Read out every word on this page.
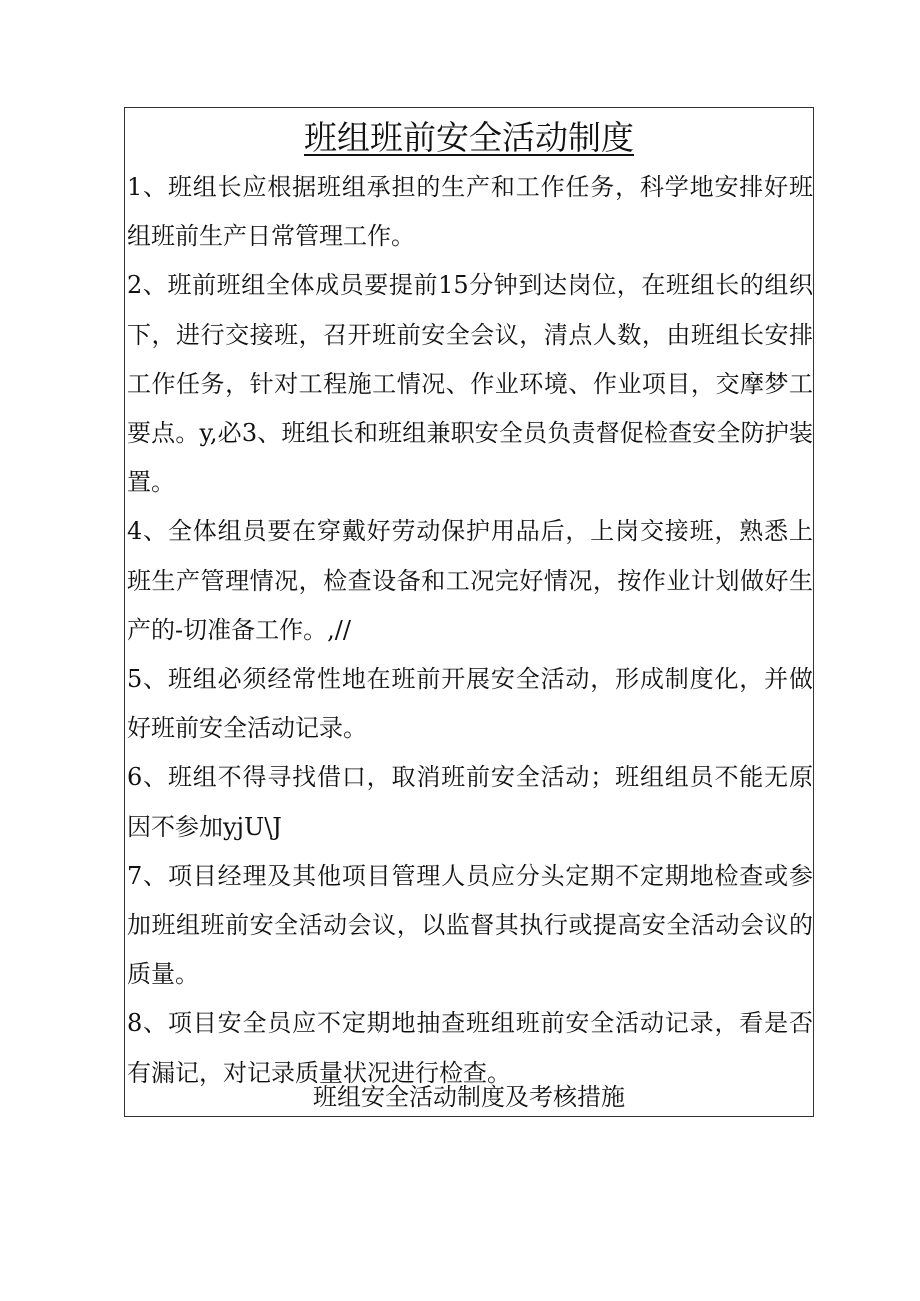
班组班前安全活动制度

1、班组长应根据班组承担的生产和工作任务，科学地安排好班组班前生产日常管理工作。

2、班前班组全体成员要提前15分钟到达岗位，在班组长的组织下，进行交接班，召开班前安全会议，清点人数，由班组长安排工作任务，针对工程施工情况、作业环境、作业项目，交摩梦工要点。y,必3、班组长和班组兼职安全员负责督促检查安全防护装置。

4、全体组员要在穿戴好劳动保护用品后，上岗交接班，熟悉上班生产管理情况，检查设备和工况完好情况，按作业计划做好生产的-切准备工作。,//

5、班组必须经常性地在班前开展安全活动，形成制度化，并做好班前安全活动记录。

6、班组不得寻找借口，取消班前安全活动；班组组员不能无原因不参加yjU\J

7、项目经理及其他项目管理人员应分头定期不定期地检查或参加班组班前安全活动会议，以监督其执行或提高安全活动会议的质量。

8、项目安全员应不定期地抽查班组班前安全活动记录，看是否有漏记，对记录质量状况进行检查。

班组安全活动制度及考核措施
